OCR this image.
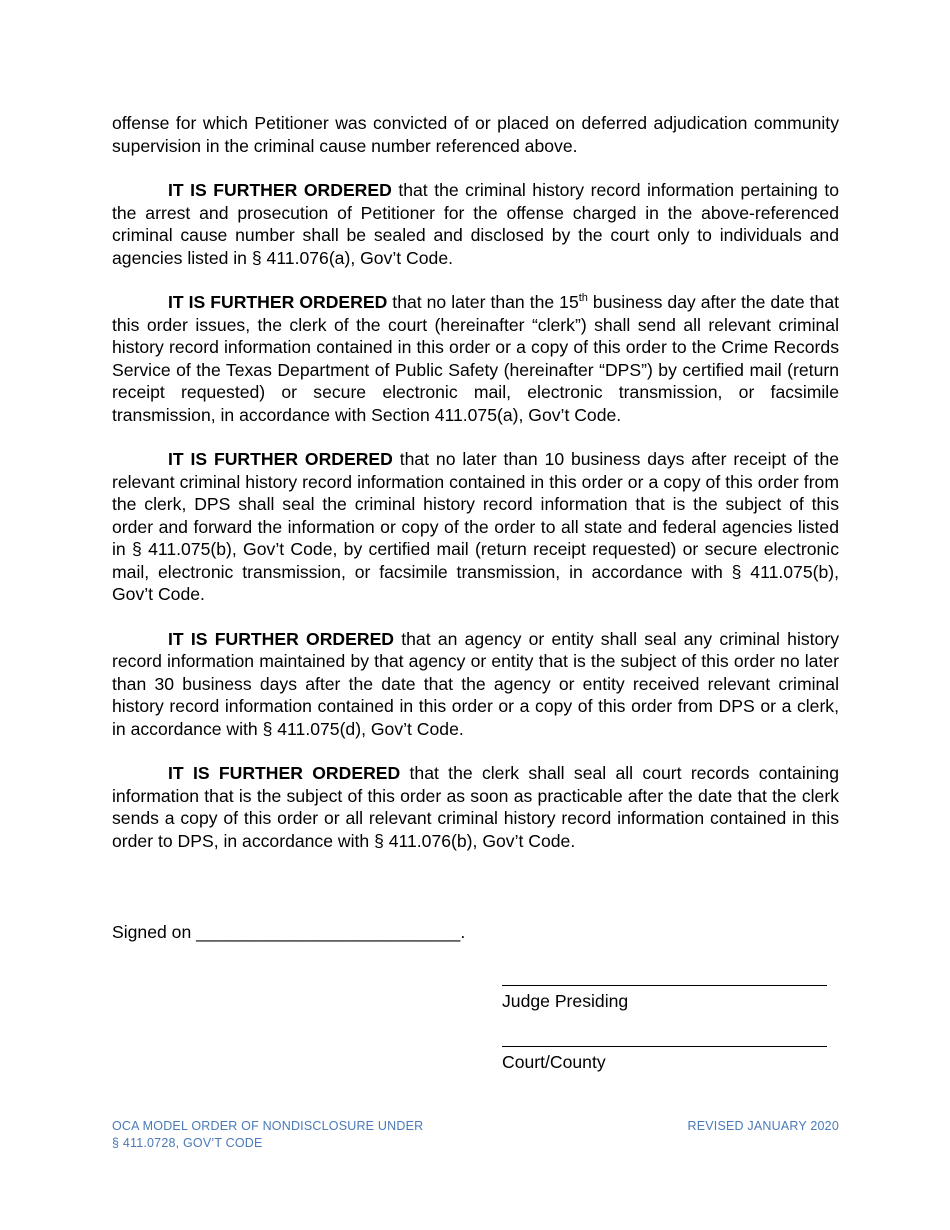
offense for which Petitioner was convicted of or placed on deferred adjudication community supervision in the criminal cause number referenced above.

IT IS FURTHER ORDERED that the criminal history record information pertaining to the arrest and prosecution of Petitioner for the offense charged in the above-referenced criminal cause number shall be sealed and disclosed by the court only to individuals and agencies listed in § 411.076(a), Gov’t Code.

IT IS FURTHER ORDERED that no later than the 15th business day after the date that this order issues, the clerk of the court (hereinafter “clerk”) shall send all relevant criminal history record information contained in this order or a copy of this order to the Crime Records Service of the Texas Department of Public Safety (hereinafter “DPS”) by certified mail (return receipt requested) or secure electronic mail, electronic transmission, or facsimile transmission, in accordance with Section 411.075(a), Gov’t Code.

IT IS FURTHER ORDERED that no later than 10 business days after receipt of the relevant criminal history record information contained in this order or a copy of this order from the clerk, DPS shall seal the criminal history record information that is the subject of this order and forward the information or copy of the order to all state and federal agencies listed in § 411.075(b), Gov’t Code, by certified mail (return receipt requested) or secure electronic mail, electronic transmission, or facsimile transmission, in accordance with § 411.075(b), Gov’t Code.

IT IS FURTHER ORDERED that an agency or entity shall seal any criminal history record information maintained by that agency or entity that is the subject of this order no later than 30 business days after the date that the agency or entity received relevant criminal history record information contained in this order or a copy of this order from DPS or a clerk, in accordance with § 411.075(d), Gov’t Code.

IT IS FURTHER ORDERED that the clerk shall seal all court records containing information that is the subject of this order as soon as practicable after the date that the clerk sends a copy of this order or all relevant criminal history record information contained in this order to DPS, in accordance with § 411.076(b), Gov’t Code.

Signed on ___________________________.
Judge Presiding
Court/County
OCA MODEL ORDER OF NONDISCLOSURE UNDER
§ 411.0728, GOV’T CODE
REVISED JANUARY 2020
